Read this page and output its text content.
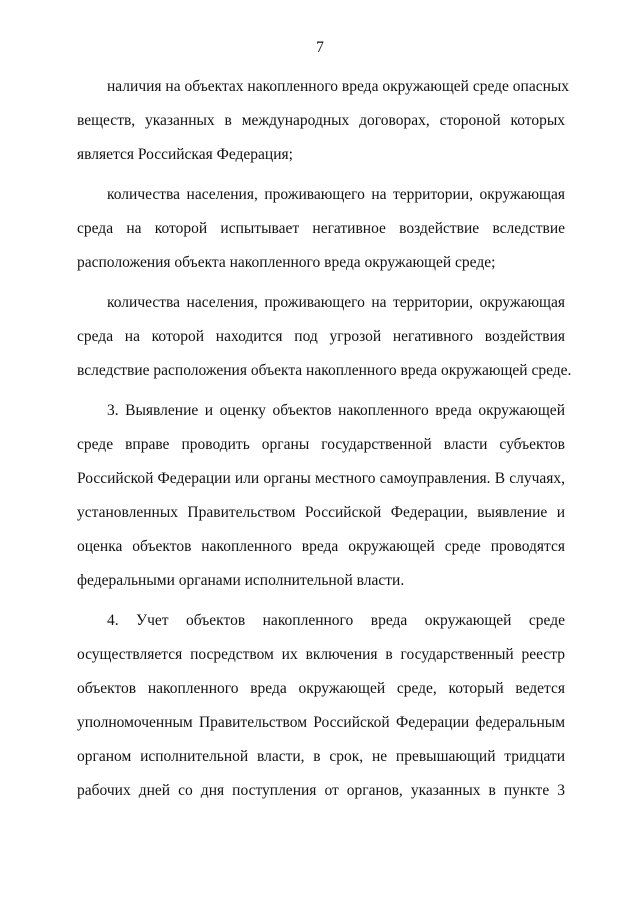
7
наличия на объектах накопленного вреда окружающей среде опасных
веществ, указанных в международных договорах, стороной которых
является Российская Федерация;
количества населения, проживающего на территории, окружающая
среда на которой испытывает негативное воздействие вследствие
расположения объекта накопленного вреда окружающей среде;
количества населения, проживающего на территории, окружающая
среда на которой находится под угрозой негативного воздействия
вследствие расположения объекта накопленного вреда окружающей среде.
3. Выявление и оценку объектов накопленного вреда окружающей
среде вправе проводить органы государственной власти субъектов
Российской Федерации или органы местного самоуправления. В случаях,
установленных Правительством Российской Федерации, выявление и
оценка объектов накопленного вреда окружающей среде проводятся
федеральными органами исполнительной власти.
4. Учет объектов накопленного вреда окружающей среде
осуществляется посредством их включения в государственный реестр
объектов накопленного вреда окружающей среде, который ведется
уполномоченным Правительством Российской Федерации федеральным
органом исполнительной власти, в срок, не превышающий тридцати
рабочих дней со дня поступления от органов, указанных в пункте 3
